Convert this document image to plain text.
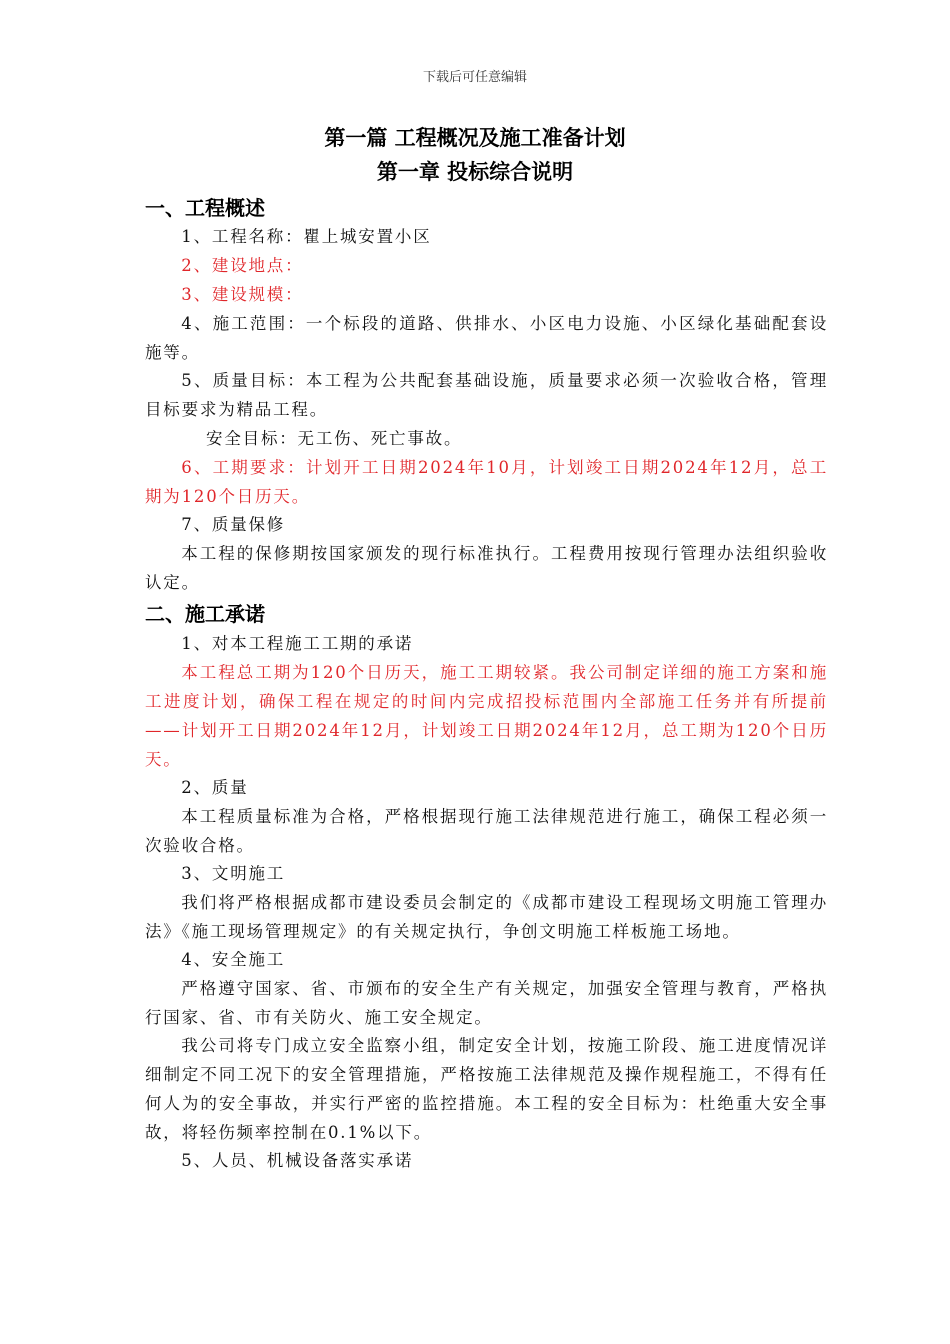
下载后可任意编辑
第一篇 工程概况及施工准备计划
第一章 投标综合说明
一、工程概述

1、工程名称：瞿上城安置小区

2、建设地点：

3、建设规模：

4、施工范围：一个标段的道路、供排水、小区电力设施、小区绿化基础配套设施等。

5、质量目标：本工程为公共配套基础设施，质量要求必须一次验收合格，管理目标要求为精品工程。

安全目标：无工伤、死亡事故。

6、工期要求：计划开工日期2024年10月，计划竣工日期2024年12月，总工期为120个日历天。

7、质量保修

本工程的保修期按国家颁发的现行标准执行。工程费用按现行管理办法组织验收认定。

二、施工承诺

1、对本工程施工工期的承诺

本工程总工期为120个日历天，施工工期较紧。我公司制定详细的施工方案和施工进度计划，确保工程在规定的时间内完成招投标范围内全部施工任务并有所提前——计划开工日期2024年12月，计划竣工日期2024年12月，总工期为120个日历天。

2、质量

本工程质量标准为合格，严格根据现行施工法律规范进行施工，确保工程必须一次验收合格。

3、文明施工

我们将严格根据成都市建设委员会制定的《成都市建设工程现场文明施工管理办法》《施工现场管理规定》的有关规定执行，争创文明施工样板施工场地。

4、安全施工

严格遵守国家、省、市颁布的安全生产有关规定，加强安全管理与教育，严格执行国家、省、市有关防火、施工安全规定。

我公司将专门成立安全监察小组，制定安全计划，按施工阶段、施工进度情况详细制定不同工况下的安全管理措施，严格按施工法律规范及操作规程施工，不得有任何人为的安全事故，并实行严密的监控措施。本工程的安全目标为：杜绝重大安全事故，将轻伤频率控制在0.1%以下。

5、人员、机械设备落实承诺
